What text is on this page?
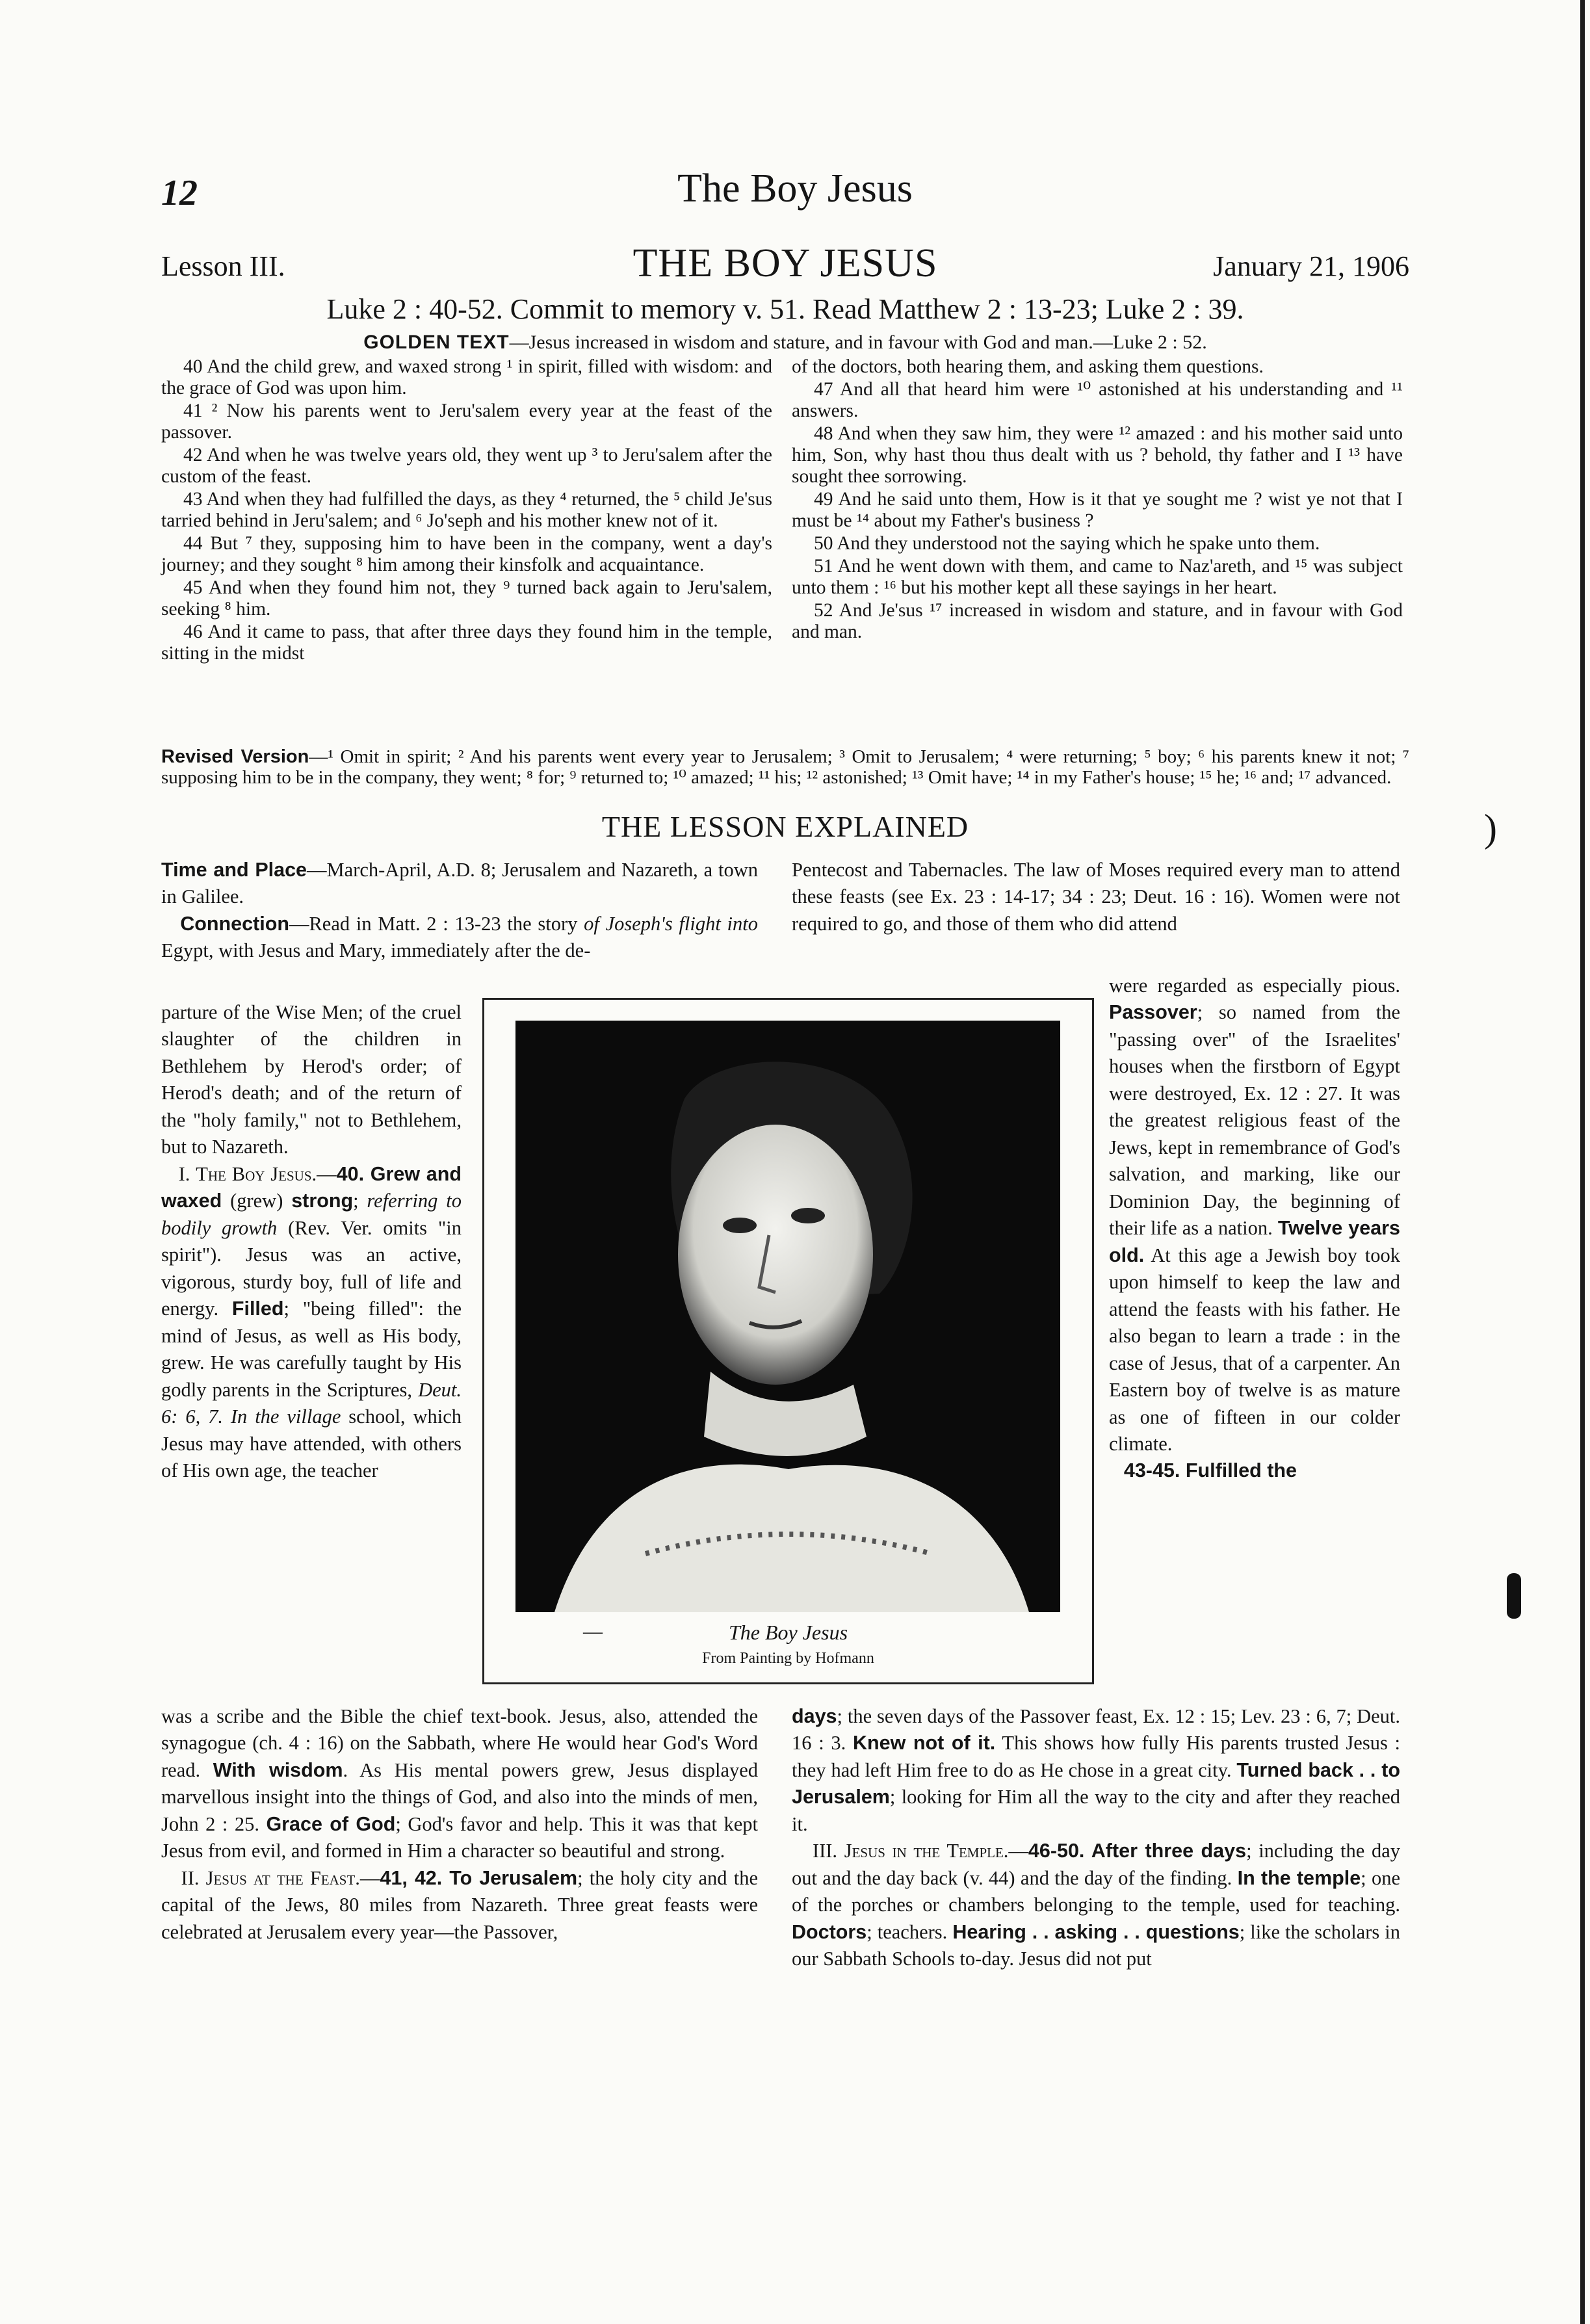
12	The Boy Jesus
Lesson III.	THE BOY JESUS	January 21, 1906
Luke 2 : 40-52. Commit to memory v. 51. Read Matthew 2 : 13-23; Luke 2 : 39.
GOLDEN TEXT—Jesus increased in wisdom and stature, and in favour with God and man.—Luke 2 : 52.

40 And the child grew, and waxed strong ¹ in spirit, filled with wisdom: and the grace of God was upon him.

41 ² Now his parents went to Jeru'salem every year at the feast of the passover.

42 And when he was twelve years old, they went up ³ to Jeru'salem after the custom of the feast.

43 And when they had fulfilled the days, as they ⁴ returned, the ⁵ child Je'sus tarried behind in Jeru'salem; and ⁶ Jo'seph and his mother knew not of it.

44 But ⁷ they, supposing him to have been in the company, went a day's journey; and they sought ⁸ him among their kinsfolk and acquaintance.

45 And when they found him not, they ⁹ turned back again to Jeru'salem, seeking ⁸ him.

46 And it came to pass, that after three days they found him in the temple, sitting in the midst

of the doctors, both hearing them, and asking them questions.

47 And all that heard him were ¹⁰ astonished at his understanding and ¹¹ answers.

48 And when they saw him, they were ¹² amazed : and his mother said unto him, Son, why hast thou thus dealt with us ? behold, thy father and I ¹³ have sought thee sorrowing.

49 And he said unto them, How is it that ye sought me ? wist ye not that I must be ¹⁴ about my Father's business ?

50 And they understood not the saying which he spake unto them.

51 And he went down with them, and came to Naz'areth, and ¹⁵ was subject unto them : ¹⁶ but his mother kept all these sayings in her heart.

52 And Je'sus ¹⁷ increased in wisdom and stature, and in favour with God and man.

Revised Version—¹ Omit in spirit; ² And his parents went every year to Jerusalem; ³ Omit to Jerusalem; ⁴ were returning; ⁵ boy; ⁶ his parents knew it not; ⁷ supposing him to be in the company, they went; ⁸ for; ⁹ returned to; ¹⁰ amazed; ¹¹ his; ¹² astonished; ¹³ Omit have; ¹⁴ in my Father's house; ¹⁵ he; ¹⁶ and; ¹⁷ advanced.
THE LESSON EXPLAINED
Time and Place—March-April, A.D. 8; Jerusalem and Nazareth, a town in Galilee.
Connection—Read in Matt. 2 : 13-23 the story of Joseph's flight into Egypt, with Jesus and Mary, immediately after the de-
parture of the Wise Men; of the cruel slaughter of the children in Bethlehem by Herod's order; of Herod's death; and of the return of the "holy family," not to Bethlehem, but to Nazareth.
I. The Boy Jesus.—40. Grew and waxed (grew) strong; referring to bodily growth (Rev. Ver. omits "in spirit"). Jesus was an active, vigorous, sturdy boy, full of life and energy. Filled; "being filled": the mind of Jesus, as well as His body, grew. He was carefully taught by His godly parents in the Scriptures, Deut. 6: 6, 7. In the village school, which Jesus may have attended, with others of His own age, the teacher
was a scribe and the Bible the chief text-book. Jesus, also, attended the synagogue (ch. 4 : 16) on the Sabbath, where He would hear God's Word read. With wisdom. As His mental powers grew, Jesus displayed marvellous insight into the things of God, and also into the minds of men, John 2 : 25. Grace of God; God's favor and help. This it was that kept Jesus from evil, and formed in Him a character so beautiful and strong.
II. Jesus at the Feast.—41, 42. To Jerusalem; the holy city and the capital of the Jews, 80 miles from Nazareth. Three great feasts were celebrated at Jerusalem every year—the Passover,
Pentecost and Tabernacles. The law of Moses required every man to attend these feasts (see Ex. 23 : 14-17; 34 : 23; Deut. 16 : 16). Women were not required to go, and those of them who did attend
were regarded as especially pious. Passover; so named from the "passing over" of the Israelites' houses when the firstborn of Egypt were destroyed, Ex. 12 : 27. It was the greatest religious feast of the Jews, kept in remembrance of God's salvation, and marking, like our Dominion Day, the beginning of their life as a nation. Twelve years old. At this age a Jewish boy took upon himself to keep the law and attend the feasts with his father. He also began to learn a trade : in the case of Jesus, that of a carpenter. An Eastern boy of twelve is as mature as one of fifteen in our colder climate.
43-45. Fulfilled the
days; the seven days of the Passover feast, Ex. 12 : 15; Lev. 23 : 6, 7; Deut. 16 : 3. Knew not of it. This shows how fully His parents trusted Jesus : they had left Him free to do as He chose in a great city. Turned back . . to Jerusalem; looking for Him all the way to the city and after they reached it.
III. Jesus in the Temple.—46-50. After three days; including the day out and the day back (v. 44) and the day of the finding. In the temple; one of the porches or chambers belonging to the temple, used for teaching. Doctors; teachers. Hearing . . asking . . questions; like the scholars in our Sabbath Schools to-day. Jesus did not put
—	The Boy Jesus
From Painting by Hofmann
)
